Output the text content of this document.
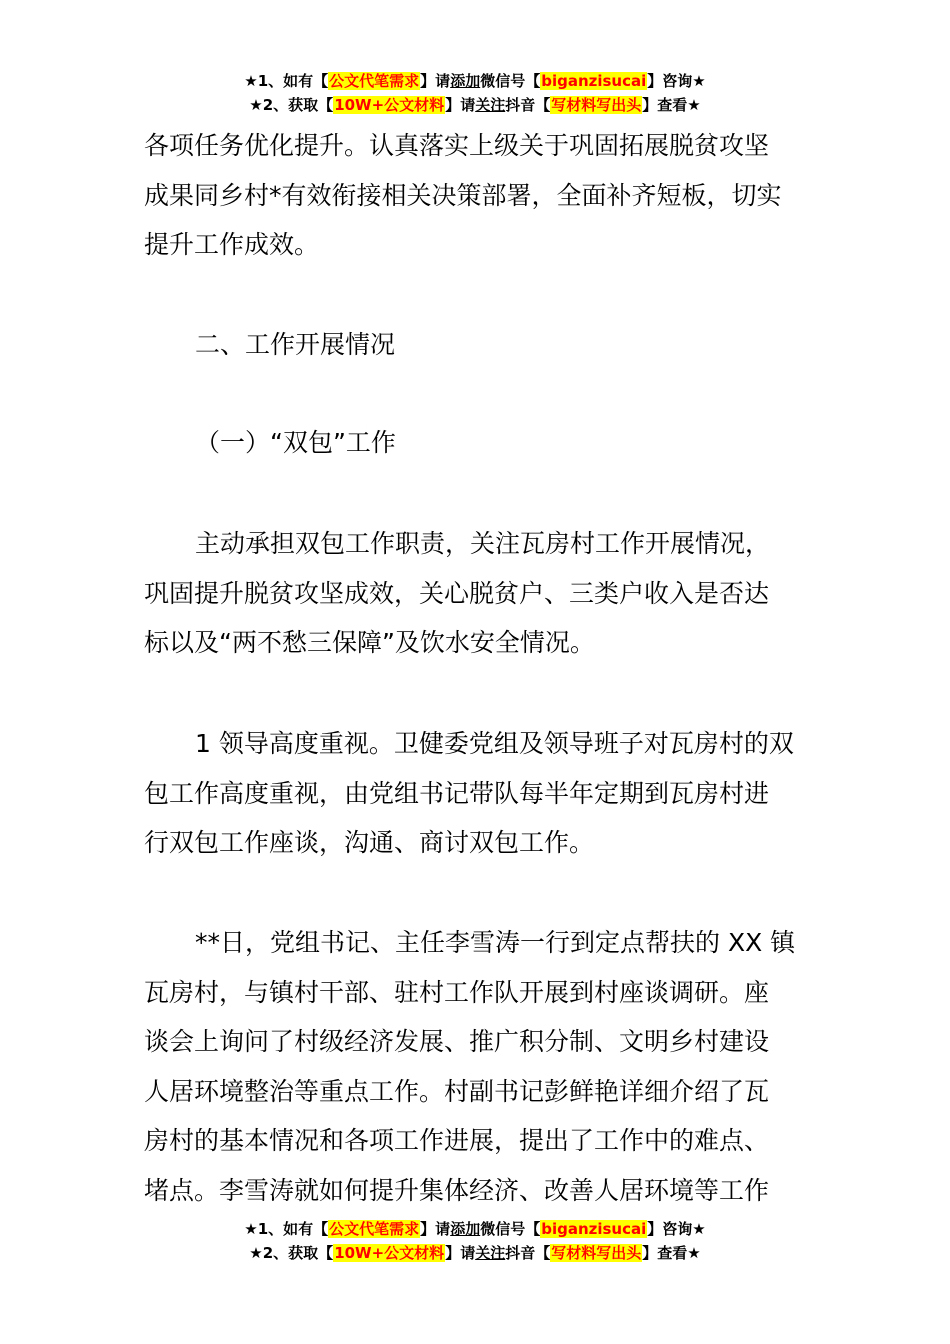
★1、如有【公文代笔需求】请添加微信号【biganzisucai】咨询★
★2、获取【10W+公文材料】请关注抖音【写材料写出头】查看★

各项任务优化提升。认真落实上级关于巩固拓展脱贫攻坚

成果同乡村*有效衔接相关决策部署，全面补齐短板，切实

提升工作成效。

二、工作开展情况

（一）“双包”工作

主动承担双包工作职责，关注瓦房村工作开展情况，

巩固提升脱贫攻坚成效，关心脱贫户、三类户收入是否达

标以及“两不愁三保障”及饮水安全情况。

1 领导高度重视。卫健委党组及领导班子对瓦房村的双

包工作高度重视，由党组书记带队每半年定期到瓦房村进

行双包工作座谈，沟通、商讨双包工作。

**日，党组书记、主任李雪涛一行到定点帮扶的 XX 镇

瓦房村，与镇村干部、驻村工作队开展到村座谈调研。座

谈会上询问了村级经济发展、推广积分制、文明乡村建设

人居环境整治等重点工作。村副书记彭鲜艳详细介绍了瓦

房村的基本情况和各项工作进展，提出了工作中的难点、

堵点。李雪涛就如何提升集体经济、改善人居环境等工作

★1、如有【公文代笔需求】请添加微信号【biganzisucai】咨询★
★2、获取【10W+公文材料】请关注抖音【写材料写出头】查看★
